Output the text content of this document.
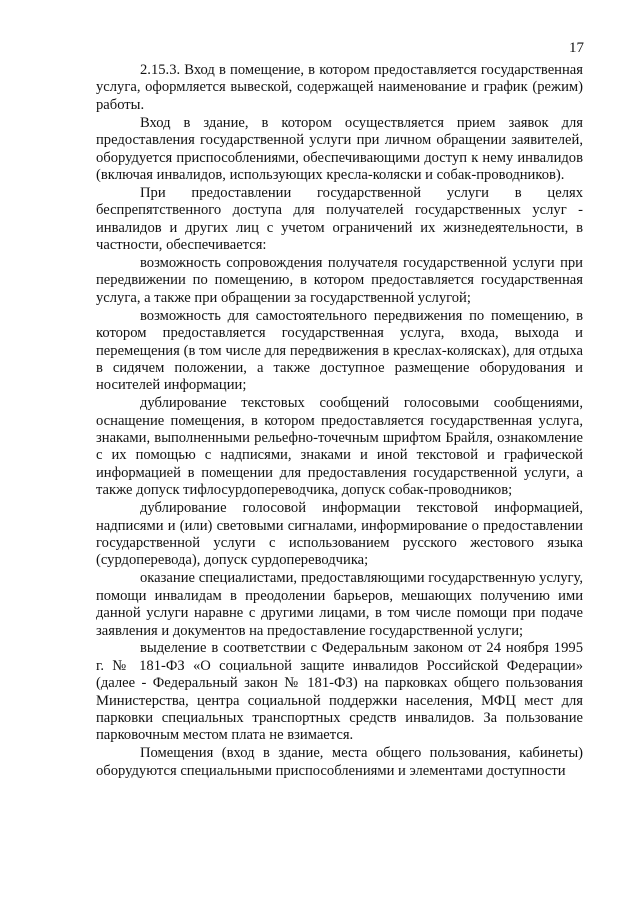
17

2.15.3. Вход в помещение, в котором предоставляется государственная услуга, оформляется вывеской, содержащей наименование и график (режим) работы.

Вход в здание, в котором осуществляется прием заявок для предоставления государственной услуги при личном обращении заявителей, оборудуется приспособлениями, обеспечивающими доступ к нему инвалидов (включая инвалидов, использующих кресла-коляски и собак-проводников).

При предоставлении государственной услуги в целях беспрепятственного доступа для получателей государственных услуг - инвалидов и других лиц с учетом ограничений их жизнедеятельности, в частности, обеспечивается:

возможность сопровождения получателя государственной услуги при передвижении по помещению, в котором предоставляется государственная услуга, а также при обращении за государственной услугой;

возможность для самостоятельного передвижения по помещению, в котором предоставляется государственная услуга, входа, выхода и перемещения (в том числе для передвижения в креслах-колясках), для отдыха в сидячем положении, а также доступное размещение оборудования и носителей информации;

дублирование текстовых сообщений голосовыми сообщениями, оснащение помещения, в котором предоставляется государственная услуга, знаками, выполненными рельефно-точечным шрифтом Брайля, ознакомление с их помощью с надписями, знаками и иной текстовой и графической информацией в помещении для предоставления государственной услуги, а также допуск тифлосурдопереводчика, допуск собак-проводников;

дублирование голосовой информации текстовой информацией, надписями и (или) световыми сигналами, информирование о предоставлении государственной услуги с использованием русского жестового языка (сурдоперевода), допуск сурдопереводчика;

оказание специалистами, предоставляющими государственную услугу, помощи инвалидам в преодолении барьеров, мешающих получению ими данной услуги наравне с другими лицами, в том числе помощи при подаче заявления и документов на предоставление государственной услуги;

выделение в соответствии с Федеральным законом от 24 ноября 1995 г. № 181-ФЗ «О социальной защите инвалидов Российской Федерации» (далее - Федеральный закон № 181-ФЗ) на парковках общего пользования Министерства, центра социальной поддержки населения, МФЦ мест для парковки специальных транспортных средств инвалидов. За пользование парковочным местом плата не взимается.

Помещения (вход в здание, места общего пользования, кабинеты) оборудуются специальными приспособлениями и элементами доступности
